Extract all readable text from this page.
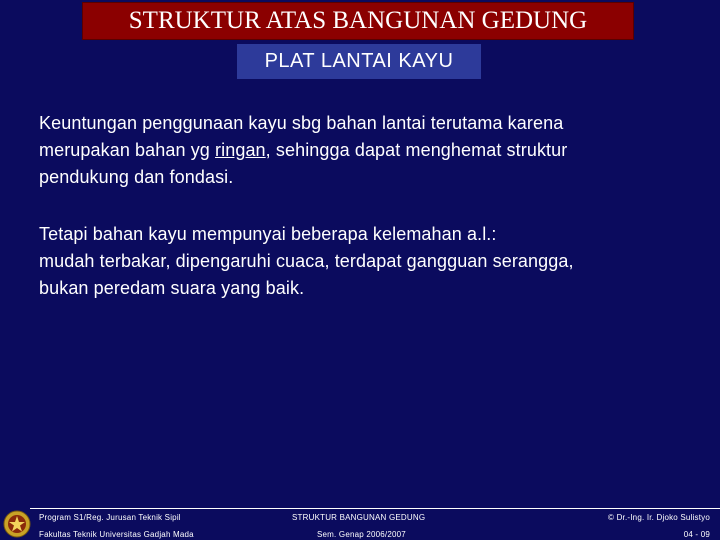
STRUKTUR ATAS BANGUNAN GEDUNG
PLAT LANTAI KAYU
Keuntungan penggunaan kayu sbg bahan lantai terutama karena
merupakan bahan yg ringan, sehingga dapat menghemat struktur
pendukung dan fondasi.
Tetapi bahan kayu mempunyai beberapa kelemahan a.l.:
mudah terbakar, dipengaruhi cuaca, terdapat gangguan serangga,
bukan peredam suara yang baik.
Program S1/Reg. Jurusan Teknik Sipil
Fakultas Teknik Universitas Gadjah Mada
STRUKTUR BANGUNAN GEDUNG
Sem. Genap 2006/2007
© Dr.-Ing. Ir. Djoko Sulistyo
04 - 09
